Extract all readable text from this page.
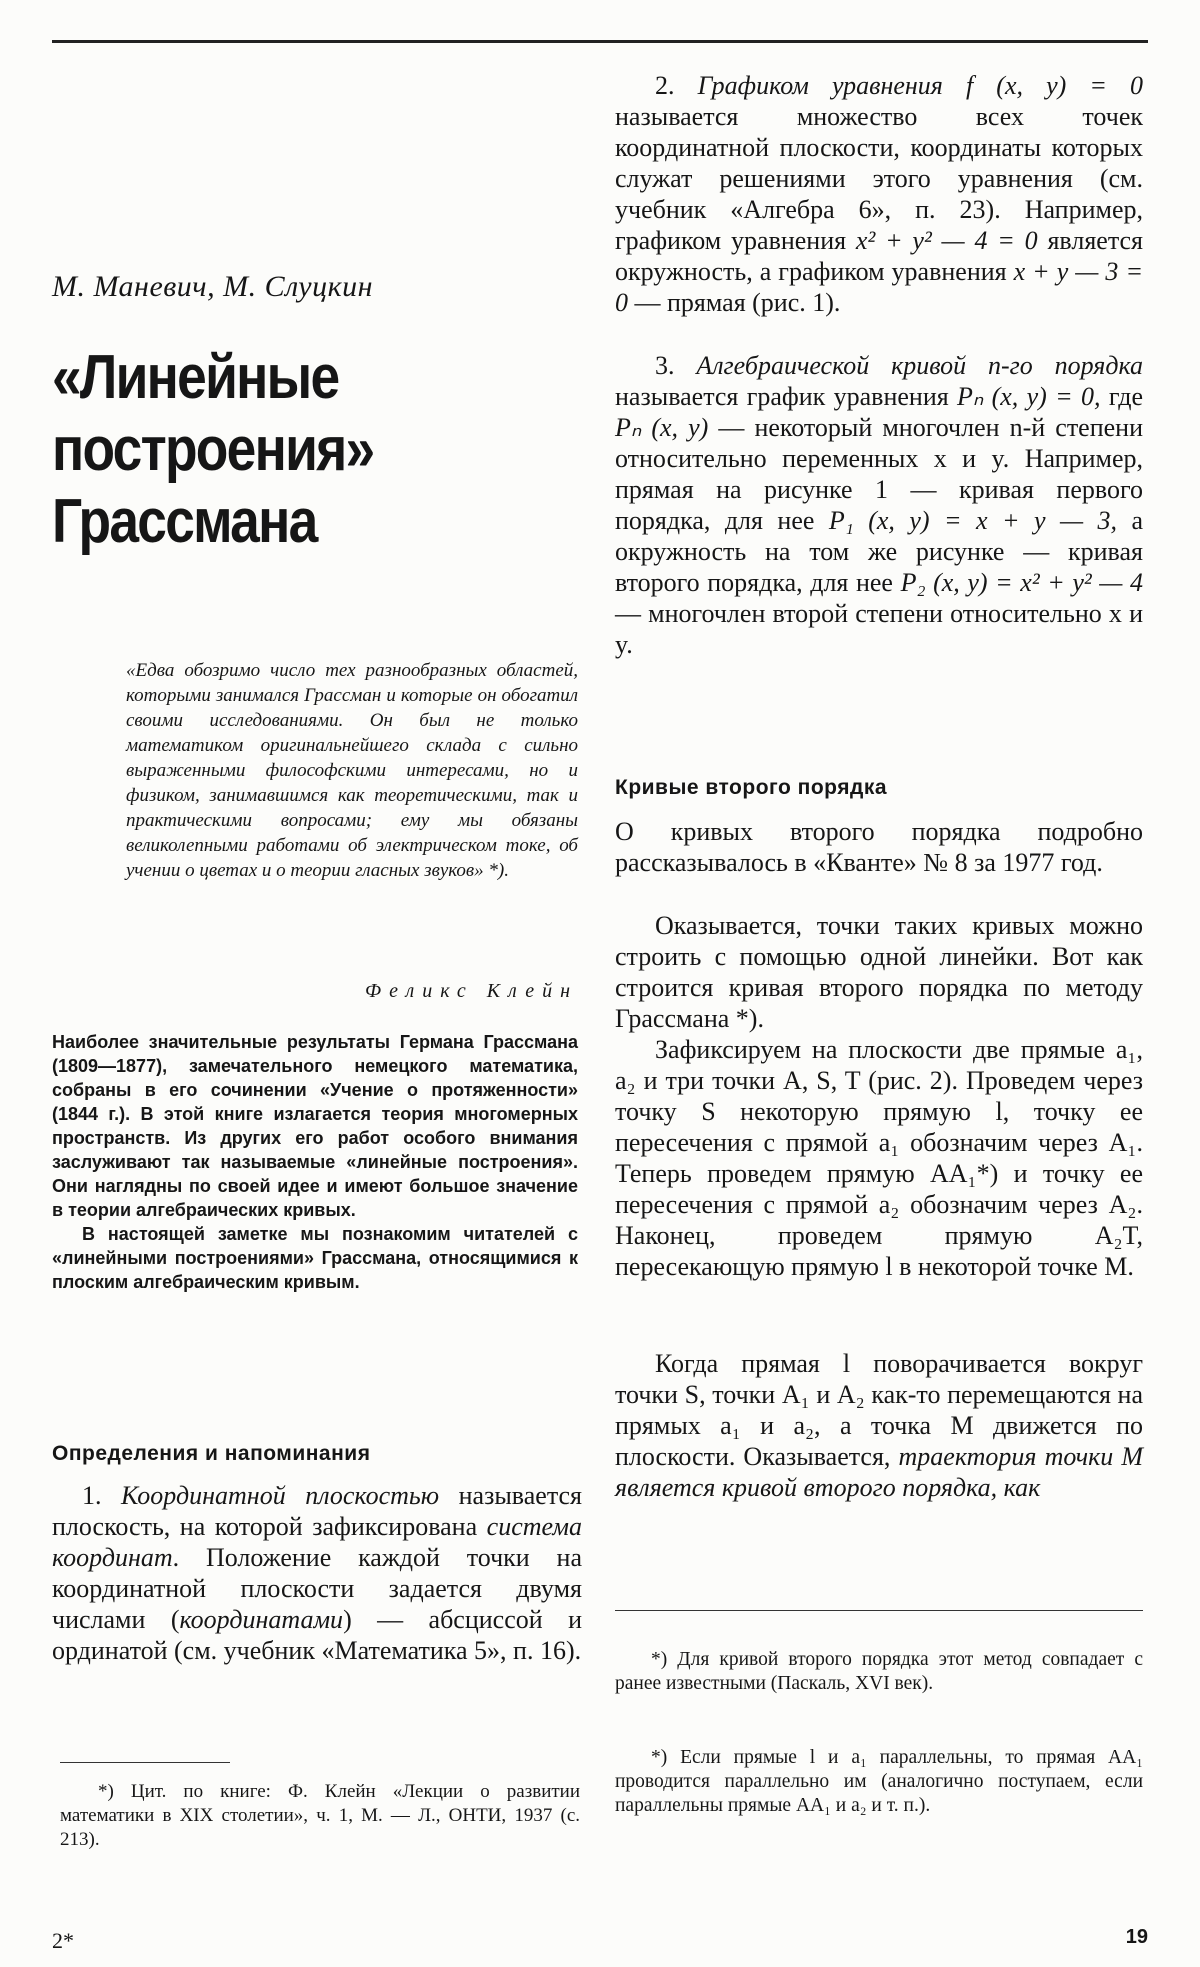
М. Маневич, М. Слуцкин
«Линейные
построения»
Грассмана

«Едва обозримо число тех разнообразных областей, которыми занимался Грассман и которые он обогатил своими исследованиями. Он был не только математиком оригинальнейшего склада с сильно выраженными философскими интересами, но и физиком, занимавшимся как теоретическими, так и практическими вопросами; ему мы обязаны великолепными работами об электрическом токе, об учении о цветах и о теории гласных звуков» *).

Феликс Клейн

Наиболее значительные результаты Германа Грассмана (1809—1877), замечательного немецкого математика, собраны в его сочинении «Учение о протяженности» (1844 г.). В этой книге излагается теория многомерных пространств. Из других его работ особого внимания заслуживают так называемые «линейные построения». Они наглядны по своей идее и имеют большое значение в теории алгебраических кривых.

В настоящей заметке мы познакомим читателей с «линейными построениями» Грассмана, относящимися к плоским алгебраическим кривым.

Определения и напоминания

1. Координатной плоскостью называется плоскость, на которой зафиксирована система координат. Положение каждой точки на координатной плоскости задается двумя числами (координатами) — абсциссой и ординатой (см. учебник «Математика 5», п. 16).

*) Цит. по книге: Ф. Клейн «Лекции о развитии математики в XIX столетии», ч. 1, М. — Л., ОНТИ, 1937 (с. 213).

2. Графиком уравнения f (x, y) = 0 называется множество всех точек координатной плоскости, координаты которых служат решениями этого уравнения (см. учебник «Алгебра 6», п. 23). Например, графиком уравнения x² + y² — 4 = 0 является окружность, а графиком уравнения x + y — 3 = 0 — прямая (рис. 1).

3. Алгебраической кривой n-го порядка называется график уравнения Pₙ (x, y) = 0, где Pₙ (x, y) — некоторый многочлен n-й степени относительно переменных x и y. Например, прямая на рисунке 1 — кривая первого порядка, для нее P₁ (x, y) = x + y — 3, а окружность на том же рисунке — кривая второго порядка, для нее P₂ (x, y) = x² + y² — 4 — многочлен второй степени относительно x и y.

Кривые второго порядка

О кривых второго порядка подробно рассказывалось в «Кванте» № 8 за 1977 год.

Оказывается, точки таких кривых можно строить с помощью одной линейки. Вот как строится кривая второго порядка по методу Грассмана *).

Зафиксируем на плоскости две прямые a₁, a₂ и три точки A, S, T (рис. 2). Проведем через точку S некоторую прямую l, точку ее пересечения с прямой a₁ обозначим через A₁. Теперь проведем прямую AA₁*) и точку ее пересечения с прямой a₂ обозначим через A₂. Наконец, проведем прямую A₂T, пересекающую прямую l в некоторой точке M.

Когда прямая l поворачивается вокруг точки S, точки A₁ и A₂ как-то перемещаются на прямых a₁ и a₂, а точка M движется по плоскости. Оказывается, траектория точки M является кривой второго порядка, как

*) Для кривой второго порядка этот метод совпадает с ранее известными (Паскаль, XVI век).

*) Если прямые l и a₁ параллельны, то прямая AA₁ проводится параллельно им (аналогично поступаем, если параллельны прямые AA₁ и a₂ и т. п.).

2*	19
